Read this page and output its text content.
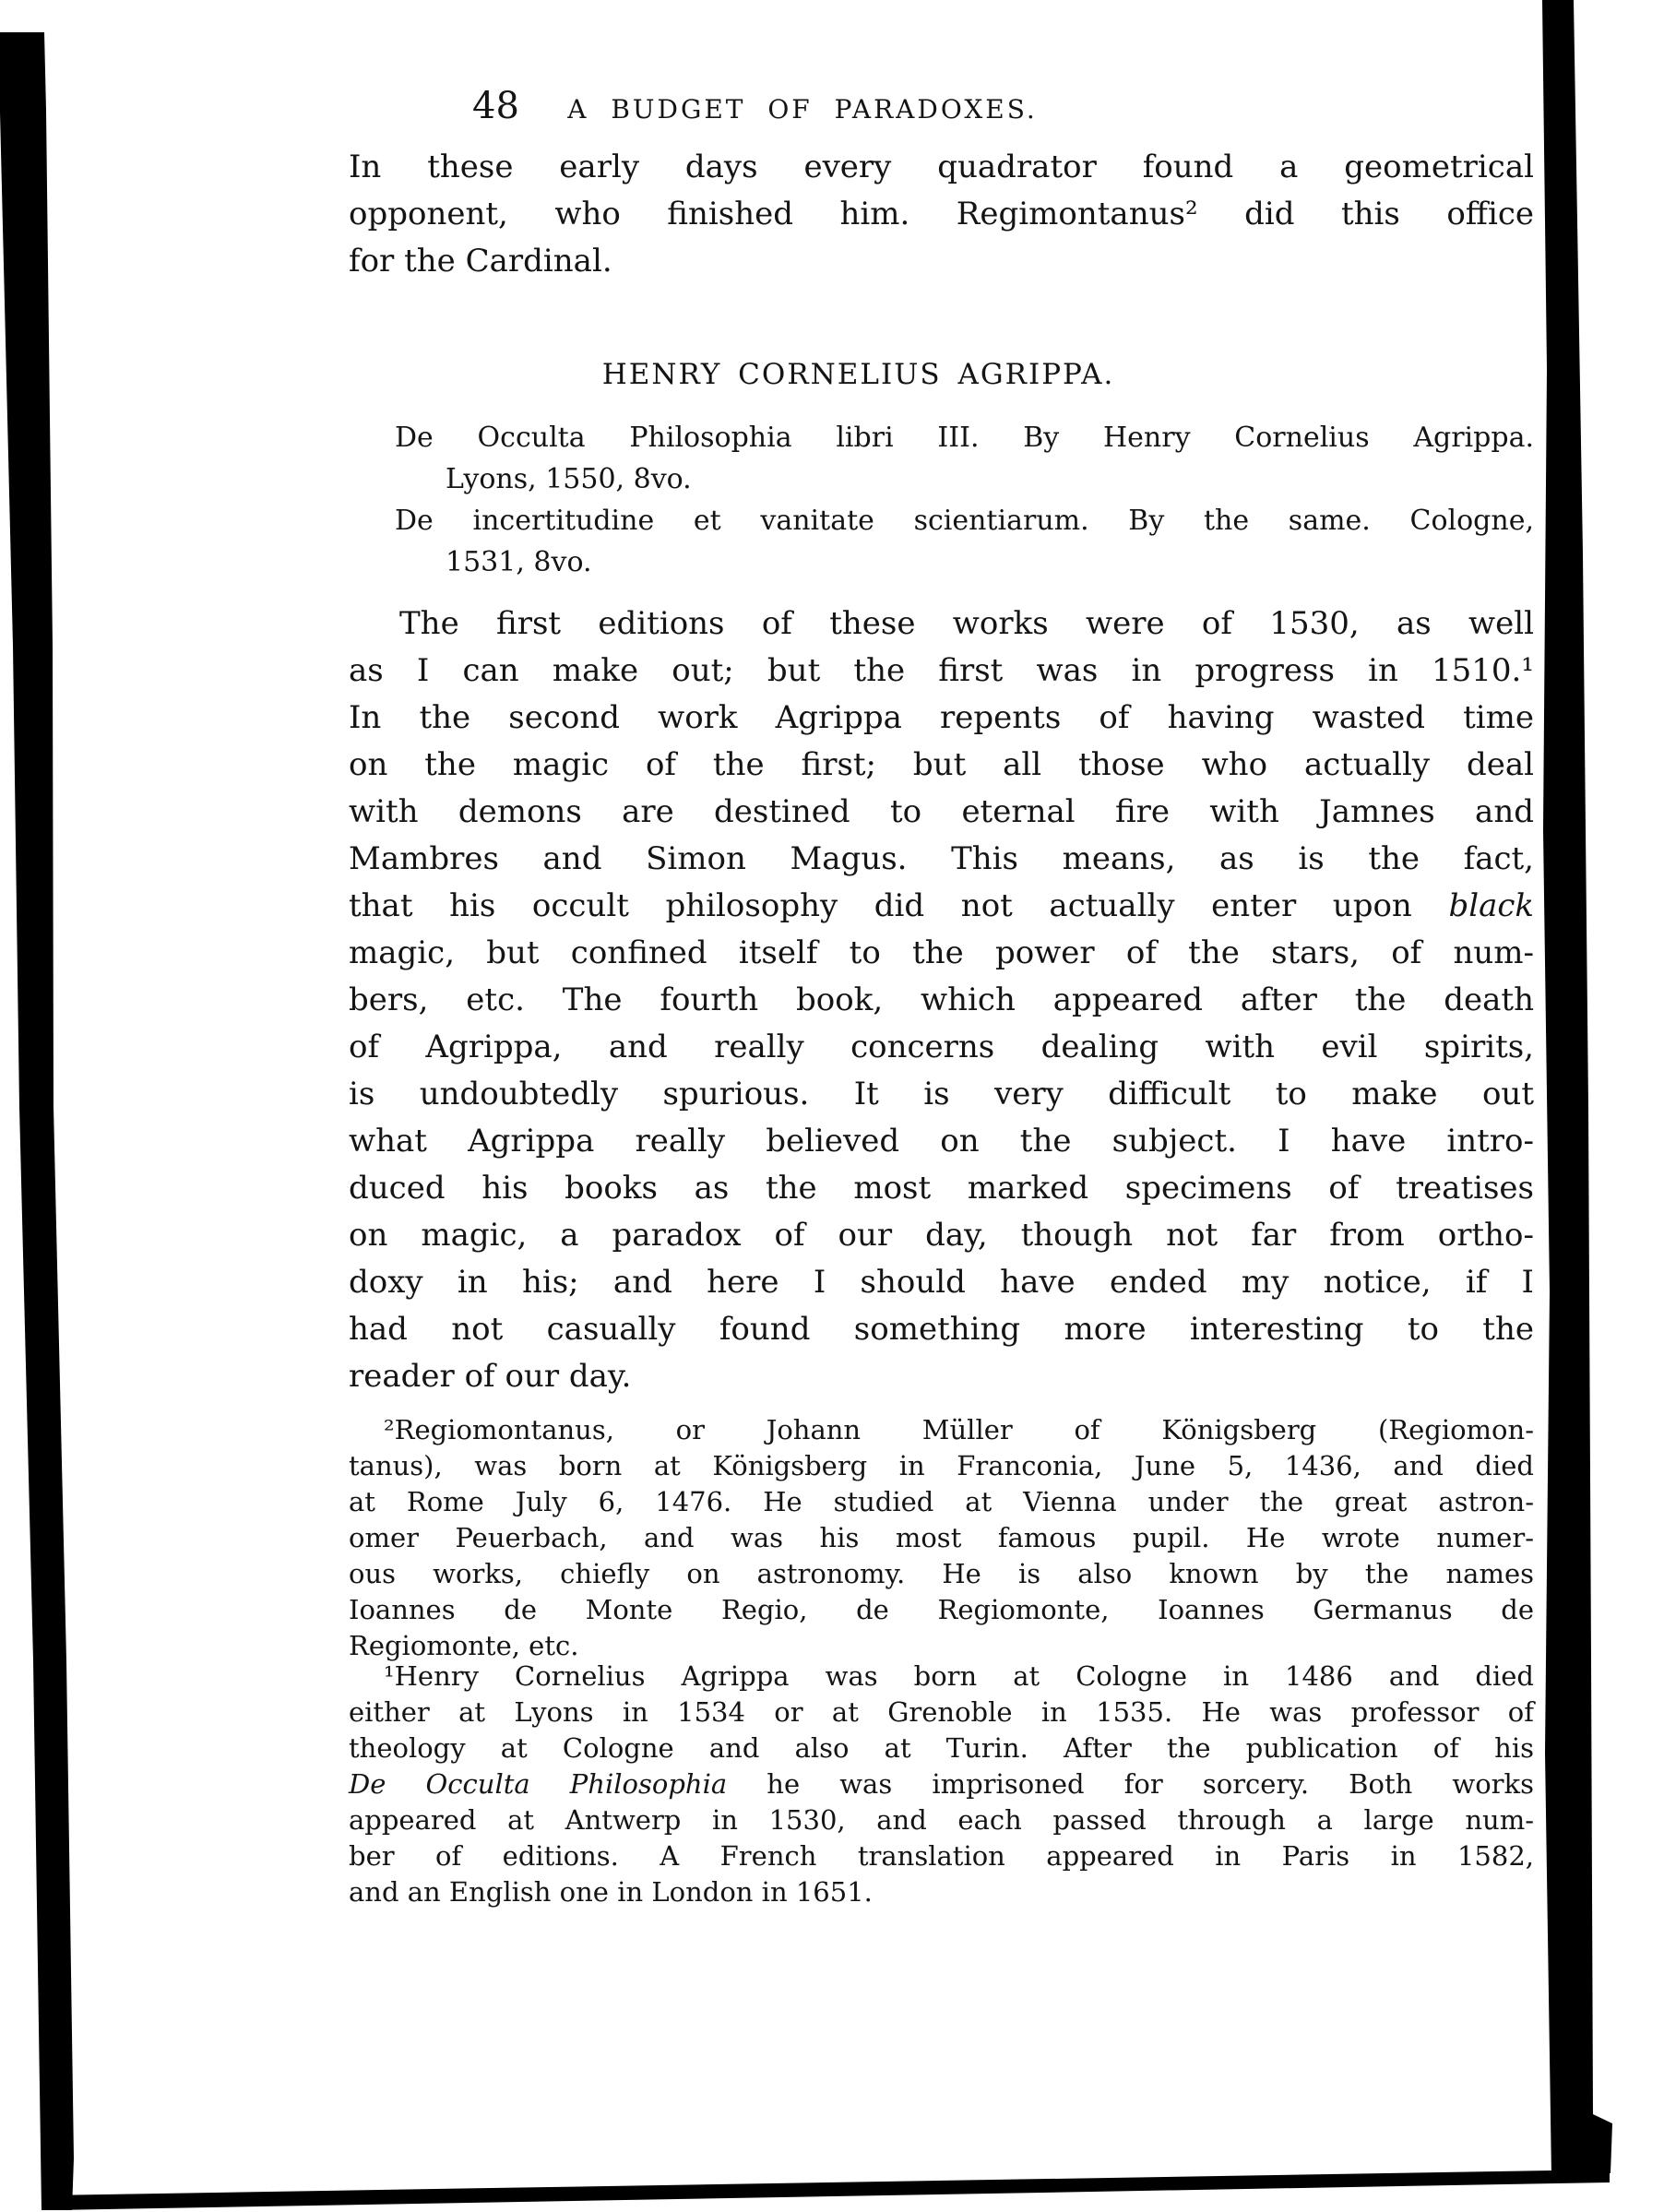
48	A BUDGET OF PARADOXES.
In these early days every quadrator found a geometrical
opponent, who finished him. Regimontanus² did this office
for the Cardinal.
HENRY CORNELIUS AGRIPPA.
De Occulta Philosophia libri III. By Henry Cornelius Agrippa.
Lyons, 1550, 8vo.
De incertitudine et vanitate scientiarum. By the same. Cologne,
1531, 8vo.
The first editions of these works were of 1530, as well
as I can make out; but the first was in progress in 1510.¹
In the second work Agrippa repents of having wasted time
on the magic of the first; but all those who actually deal
with demons are destined to eternal fire with Jamnes and
Mambres and Simon Magus. This means, as is the fact,
that his occult philosophy did not actually enter upon black
magic, but confined itself to the power of the stars, of num-
bers, etc. The fourth book, which appeared after the death
of Agrippa, and really concerns dealing with evil spirits,
is undoubtedly spurious. It is very difficult to make out
what Agrippa really believed on the subject. I have intro-
duced his books as the most marked specimens of treatises
on magic, a paradox of our day, though not far from ortho-
doxy in his; and here I should have ended my notice, if I
had not casually found something more interesting to the
reader of our day.
²Regiomontanus, or Johann Müller of Königsberg (Regiomon-
tanus), was born at Königsberg in Franconia, June 5, 1436, and died
at Rome July 6, 1476. He studied at Vienna under the great astron-
omer Peuerbach, and was his most famous pupil. He wrote numer-
ous works, chiefly on astronomy. He is also known by the names
Ioannes de Monte Regio, de Regiomonte, Ioannes Germanus de
Regiomonte, etc.
¹Henry Cornelius Agrippa was born at Cologne in 1486 and died
either at Lyons in 1534 or at Grenoble in 1535. He was professor of
theology at Cologne and also at Turin. After the publication of his
De Occulta Philosophia he was imprisoned for sorcery. Both works
appeared at Antwerp in 1530, and each passed through a large num-
ber of editions. A French translation appeared in Paris in 1582,
and an English one in London in 1651.
